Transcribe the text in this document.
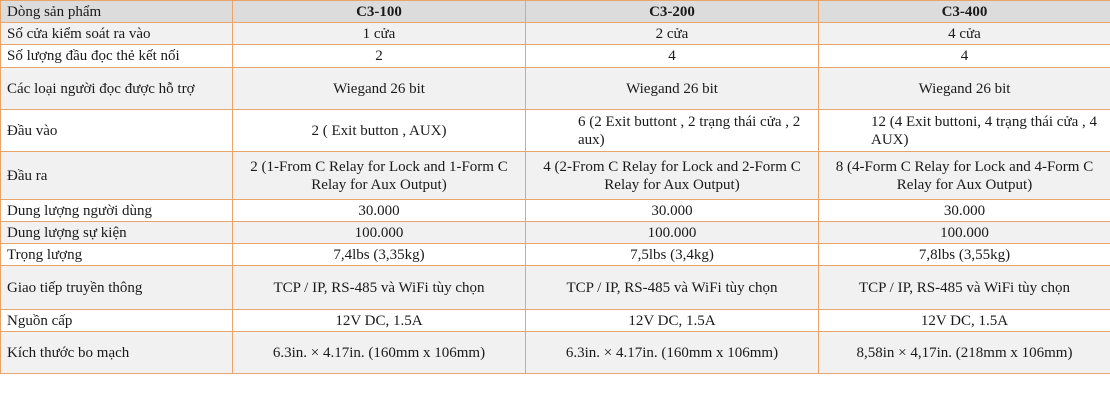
Dòng sản phẩm	C3-100	C3-200	C3-400
Số cửa kiểm soát ra vào	1 cửa	2 cửa	4 cửa
Số lượng đầu đọc thẻ kết nối	2	4	4
Các loại người đọc được hỗ trợ	Wiegand 26 bit	Wiegand 26 bit	Wiegand 26 bit
Đầu vào	2 ( Exit button , AUX)	6 (2 Exit buttont , 2 trạng thái cửa , 2 aux)	12 (4 Exit buttoni, 4 trạng thái cửa , 4 AUX)
Đầu ra	2 (1-From C Relay for Lock and 1-Form C Relay for Aux Output)	4 (2-From C Relay for Lock and 2-Form C Relay for Aux Output)	8 (4-Form C Relay for Lock and 4-Form C Relay for Aux Output)
Dung lượng người dùng	30.000	30.000	30.000
Dung lượng sự kiện	100.000	100.000	100.000
Trọng lượng	7,4lbs (3,35kg)	7,5lbs (3,4kg)	7,8lbs (3,55kg)
Giao tiếp truyền thông	TCP / IP, RS-485 và WiFi tùy chọn	TCP / IP, RS-485 và WiFi tùy chọn	TCP / IP, RS-485 và WiFi tùy chọn
Nguồn cấp	12V DC, 1.5A	12V DC, 1.5A	12V DC, 1.5A
Kích thước bo mạch	6.3in. × 4.17in. (160mm x 106mm)	6.3in. × 4.17in. (160mm x 106mm)	8,58in × 4,17in. (218mm x 106mm)
